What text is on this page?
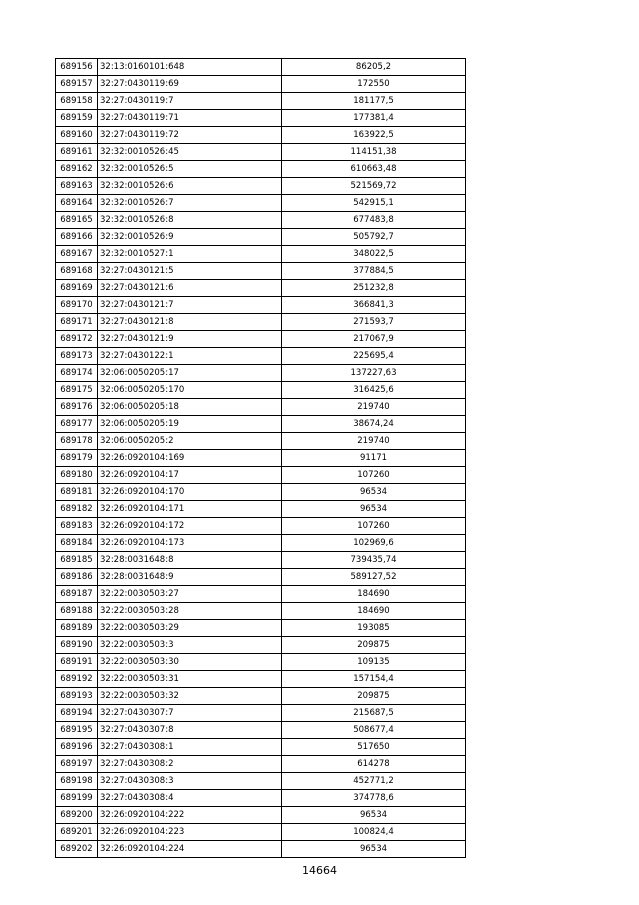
689156	32:13:0160101:648	86205,2
689157	32:27:0430119:69	172550
689158	32:27:0430119:7	181177,5
689159	32:27:0430119:71	177381,4
689160	32:27:0430119:72	163922,5
689161	32:32:0010526:45	114151,38
689162	32:32:0010526:5	610663,48
689163	32:32:0010526:6	521569,72
689164	32:32:0010526:7	542915,1
689165	32:32:0010526:8	677483,8
689166	32:32:0010526:9	505792,7
689167	32:32:0010527:1	348022,5
689168	32:27:0430121:5	377884,5
689169	32:27:0430121:6	251232,8
689170	32:27:0430121:7	366841,3
689171	32:27:0430121:8	271593,7
689172	32:27:0430121:9	217067,9
689173	32:27:0430122:1	225695,4
689174	32:06:0050205:17	137227,63
689175	32:06:0050205:170	316425,6
689176	32:06:0050205:18	219740
689177	32:06:0050205:19	38674,24
689178	32:06:0050205:2	219740
689179	32:26:0920104:169	91171
689180	32:26:0920104:17	107260
689181	32:26:0920104:170	96534
689182	32:26:0920104:171	96534
689183	32:26:0920104:172	107260
689184	32:26:0920104:173	102969,6
689185	32:28:0031648:8	739435,74
689186	32:28:0031648:9	589127,52
689187	32:22:0030503:27	184690
689188	32:22:0030503:28	184690
689189	32:22:0030503:29	193085
689190	32:22:0030503:3	209875
689191	32:22:0030503:30	109135
689192	32:22:0030503:31	157154,4
689193	32:22:0030503:32	209875
689194	32:27:0430307:7	215687,5
689195	32:27:0430307:8	508677,4
689196	32:27:0430308:1	517650
689197	32:27:0430308:2	614278
689198	32:27:0430308:3	452771,2
689199	32:27:0430308:4	374778,6
689200	32:26:0920104:222	96534
689201	32:26:0920104:223	100824,4
689202	32:26:0920104:224	96534
14664
